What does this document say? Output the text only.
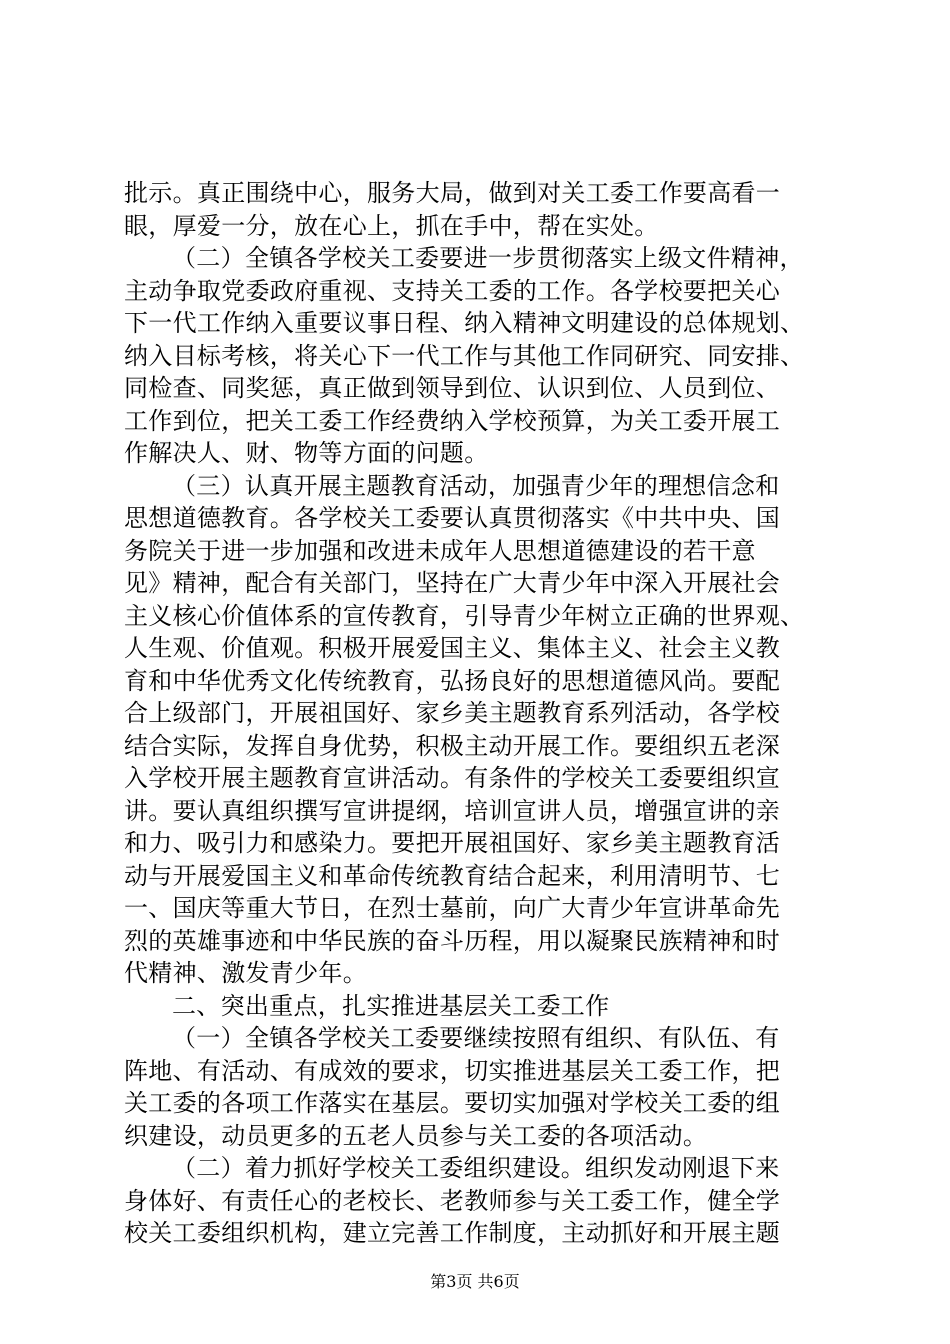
批示。真正围绕中心，服务大局，做到对关工委工作要高看一
眼，厚爱一分，放在心上，抓在手中，帮在实处。
（二）全镇各学校关工委要进一步贯彻落实上级文件精神，
主动争取党委政府重视、支持关工委的工作。各学校要把关心
下一代工作纳入重要议事日程、纳入精神文明建设的总体规划、
纳入目标考核，将关心下一代工作与其他工作同研究、同安排、
同检查、同奖惩，真正做到领导到位、认识到位、人员到位、
工作到位，把关工委工作经费纳入学校预算，为关工委开展工
作解决人、财、物等方面的问题。
（三）认真开展主题教育活动，加强青少年的理想信念和
思想道德教育。各学校关工委要认真贯彻落实《中共中央、国
务院关于进一步加强和改进未成年人思想道德建设的若干意
见》精神，配合有关部门，坚持在广大青少年中深入开展社会
主义核心价值体系的宣传教育，引导青少年树立正确的世界观、
人生观、价值观。积极开展爱国主义、集体主义、社会主义教
育和中华优秀文化传统教育，弘扬良好的思想道德风尚。要配
合上级部门，开展祖国好、家乡美主题教育系列活动，各学校
结合实际，发挥自身优势，积极主动开展工作。要组织五老深
入学校开展主题教育宣讲活动。有条件的学校关工委要组织宣
讲。要认真组织撰写宣讲提纲，培训宣讲人员，增强宣讲的亲
和力、吸引力和感染力。要把开展祖国好、家乡美主题教育活
动与开展爱国主义和革命传统教育结合起来，利用清明节、七
一、国庆等重大节日，在烈士墓前，向广大青少年宣讲革命先
烈的英雄事迹和中华民族的奋斗历程，用以凝聚民族精神和时
代精神、激发青少年。
二、突出重点，扎实推进基层关工委工作
（一）全镇各学校关工委要继续按照有组织、有队伍、有
阵地、有活动、有成效的要求，切实推进基层关工委工作，把
关工委的各项工作落实在基层。要切实加强对学校关工委的组
织建设，动员更多的五老人员参与关工委的各项活动。
（二）着力抓好学校关工委组织建设。组织发动刚退下来
身体好、有责任心的老校长、老教师参与关工委工作，健全学
校关工委组织机构，建立完善工作制度，主动抓好和开展主题
第3页 共6页
